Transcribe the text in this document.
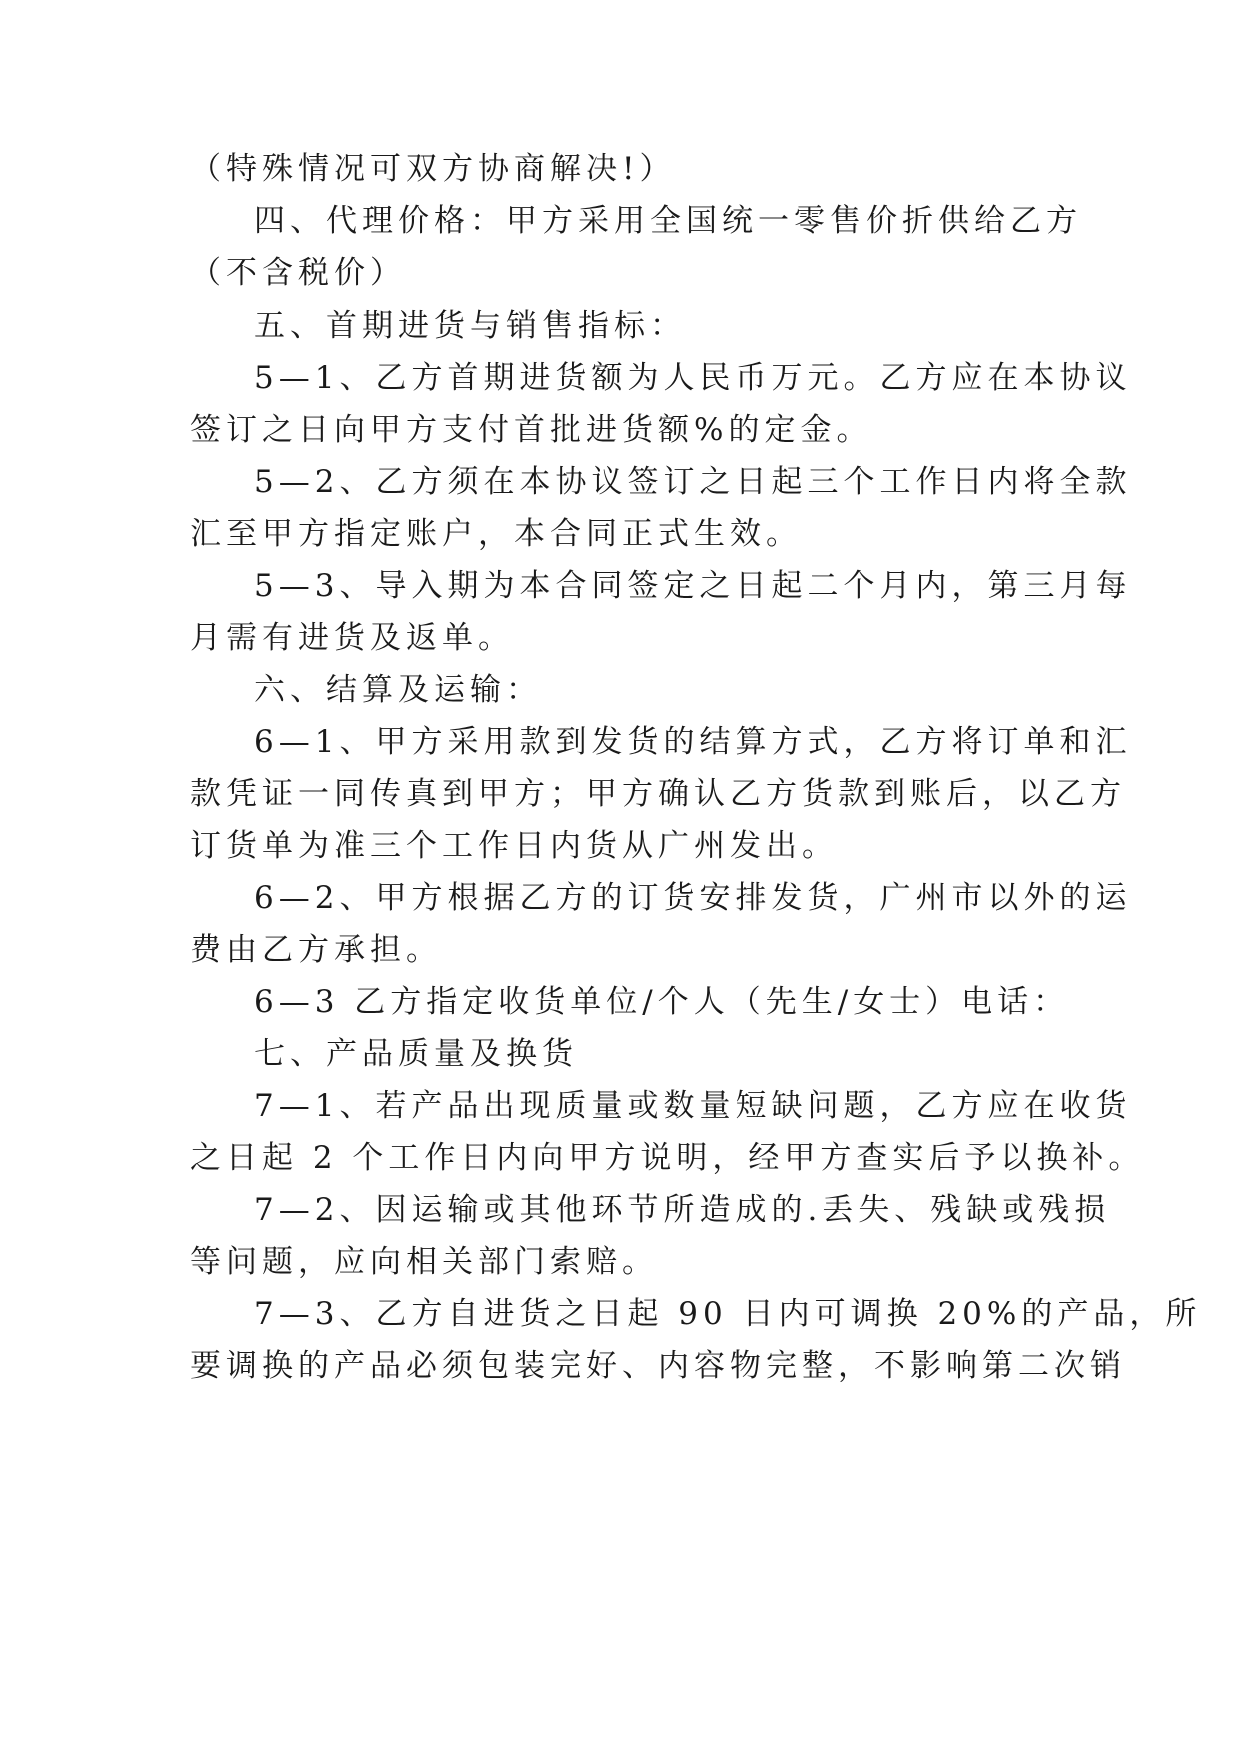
（特殊情况可双方协商解决!）
四、代理价格：甲方采用全国统一零售价折供给乙方
（不含税价）
五、首期进货与销售指标：
5—1、乙方首期进货额为人民币万元。乙方应在本协议
签订之日向甲方支付首批进货额%的定金。
5—2、乙方须在本协议签订之日起三个工作日内将全款
汇至甲方指定账户，本合同正式生效。
5—3、导入期为本合同签定之日起二个月内，第三月每
月需有进货及返单。
六、结算及运输：
6—1、甲方采用款到发货的结算方式，乙方将订单和汇
款凭证一同传真到甲方；甲方确认乙方货款到账后，以乙方
订货单为准三个工作日内货从广州发出。
6—2、甲方根据乙方的订货安排发货，广州市以外的运
费由乙方承担。
6—3 乙方指定收货单位/个人（先生/女士）电话：
七、产品质量及换货
7—1、若产品出现质量或数量短缺问题，乙方应在收货
之日起 2 个工作日内向甲方说明，经甲方查实后予以换补。
7—2、因运输或其他环节所造成的.丢失、残缺或残损
等问题，应向相关部门索赔。
7—3、乙方自进货之日起 90 日内可调换 20%的产品，所
要调换的产品必须包装完好、内容物完整，不影响第二次销
